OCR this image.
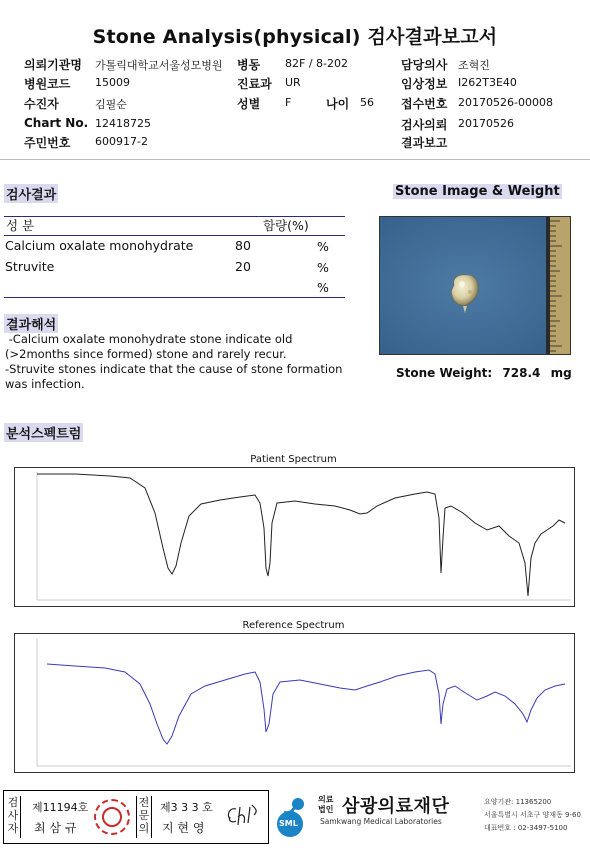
Stone Analysis(physical) 검사결과보고서
의뢰기관명 가톨릭대학교서울성모병원 병동 82F / 8-202	담당의사 조혁진
병원코드 15009	진료과 UR	임상정보 I262T3E40
수진자	김필순	성별 F	나이 56 접수번호 20170526-00008
Chart No. 12418725	검사의뢰 20170526
주민번호 600917-2	결과보고
검사결과
성 분	함량(%)
Calcium oxalate monohydrate	80	%
Struvite	20	%
%
Stone Image & Weight
Stone Weight: 728.4 mg
결과해석
-Calcium oxalate monohydrate stone indicate old
(>2months since formed) stone and rarely recur.
-Struvite stones indicate that the cause of stone formation
was infection.
분석스펙트럼
Patient Spectrum
Reference Spectrum
검
사
자
제11194호
최 삼 규
전
문
의
제3 3 3 호
지 현 영	SML
의료
법인 삼광의료재단
Samkwang Medical Laboratories
요양기관: 11365200
서울특별시 서초구 양재동 9-60
대표번호 : 02-3497-5100
